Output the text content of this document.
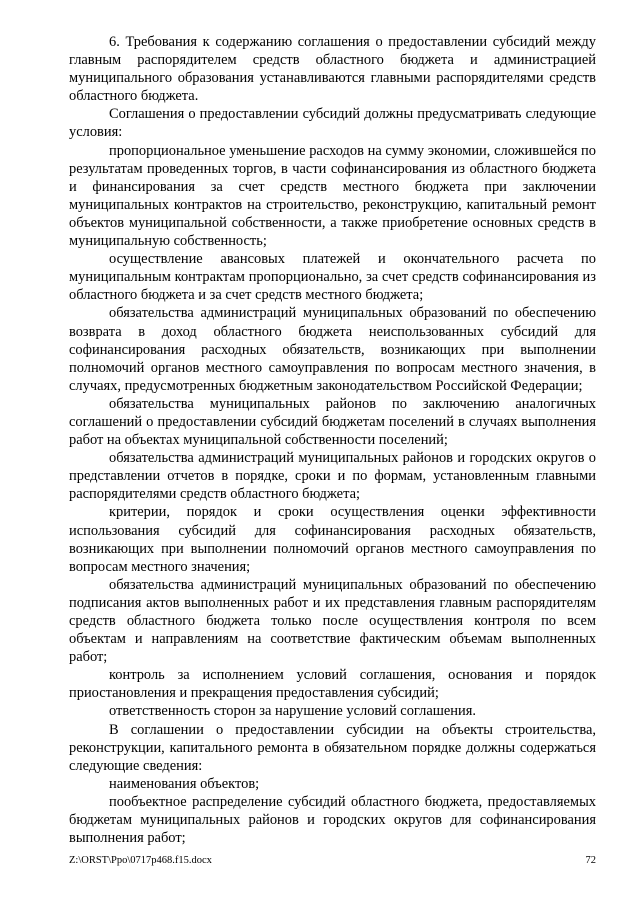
6. Требования к содержанию соглашения о предоставлении субсидий между главным распорядителем средств областного бюджета и администрацией муниципального образования устанавливаются главными распорядителями средств областного бюджета.

Соглашения о предоставлении субсидий должны предусматривать следующие условия:

пропорциональное уменьшение расходов на сумму экономии, сложившейся по результатам проведенных торгов, в части софинансирования из областного бюджета и финансирования за счет средств местного бюджета при заключении муниципальных контрактов на строительство, реконструкцию, капитальный ремонт объектов муниципальной собственности, а также приобретение основных средств в муниципальную собственность;

осуществление авансовых платежей и окончательного расчета по муниципальным контрактам пропорционально, за счет средств софинансирования из областного бюджета и за счет средств местного бюджета;

обязательства администраций муниципальных образований по обеспечению возврата в доход областного бюджета неиспользованных субсидий для софинансирования расходных обязательств, возникающих при выполнении полномочий органов местного самоуправления по вопросам местного значения, в случаях, предусмотренных бюджетным законодательством Российской Федерации;

обязательства муниципальных районов по заключению аналогичных соглашений о предоставлении субсидий бюджетам поселений в случаях выполнения работ на объектах муниципальной собственности поселений;

обязательства администраций муниципальных районов и городских округов о представлении отчетов в порядке, сроки и по формам, установленным главными распорядителями средств областного бюджета;

критерии, порядок и сроки осуществления оценки эффективности использования субсидий для софинансирования расходных обязательств, возникающих при выполнении полномочий органов местного самоуправления по вопросам местного значения;

обязательства администраций муниципальных образований по обеспечению подписания актов выполненных работ и их представления главным распорядителям средств областного бюджета только после осуществления контроля по всем объектам и направлениям на соответствие фактическим объемам выполненных работ;

контроль за исполнением условий соглашения, основания и порядок приостановления и прекращения предоставления субсидий;

ответственность сторон за нарушение условий соглашения.

В соглашении о предоставлении субсидии на объекты строительства, реконструкции, капитального ремонта в обязательном порядке должны содержаться следующие сведения:

наименования объектов;

пообъектное распределение субсидий областного бюджета, предоставляемых бюджетам муниципальных районов и городских округов для софинансирования выполнения работ;

Z:\ORST\Ppo\0717p468.f15.docx	72
